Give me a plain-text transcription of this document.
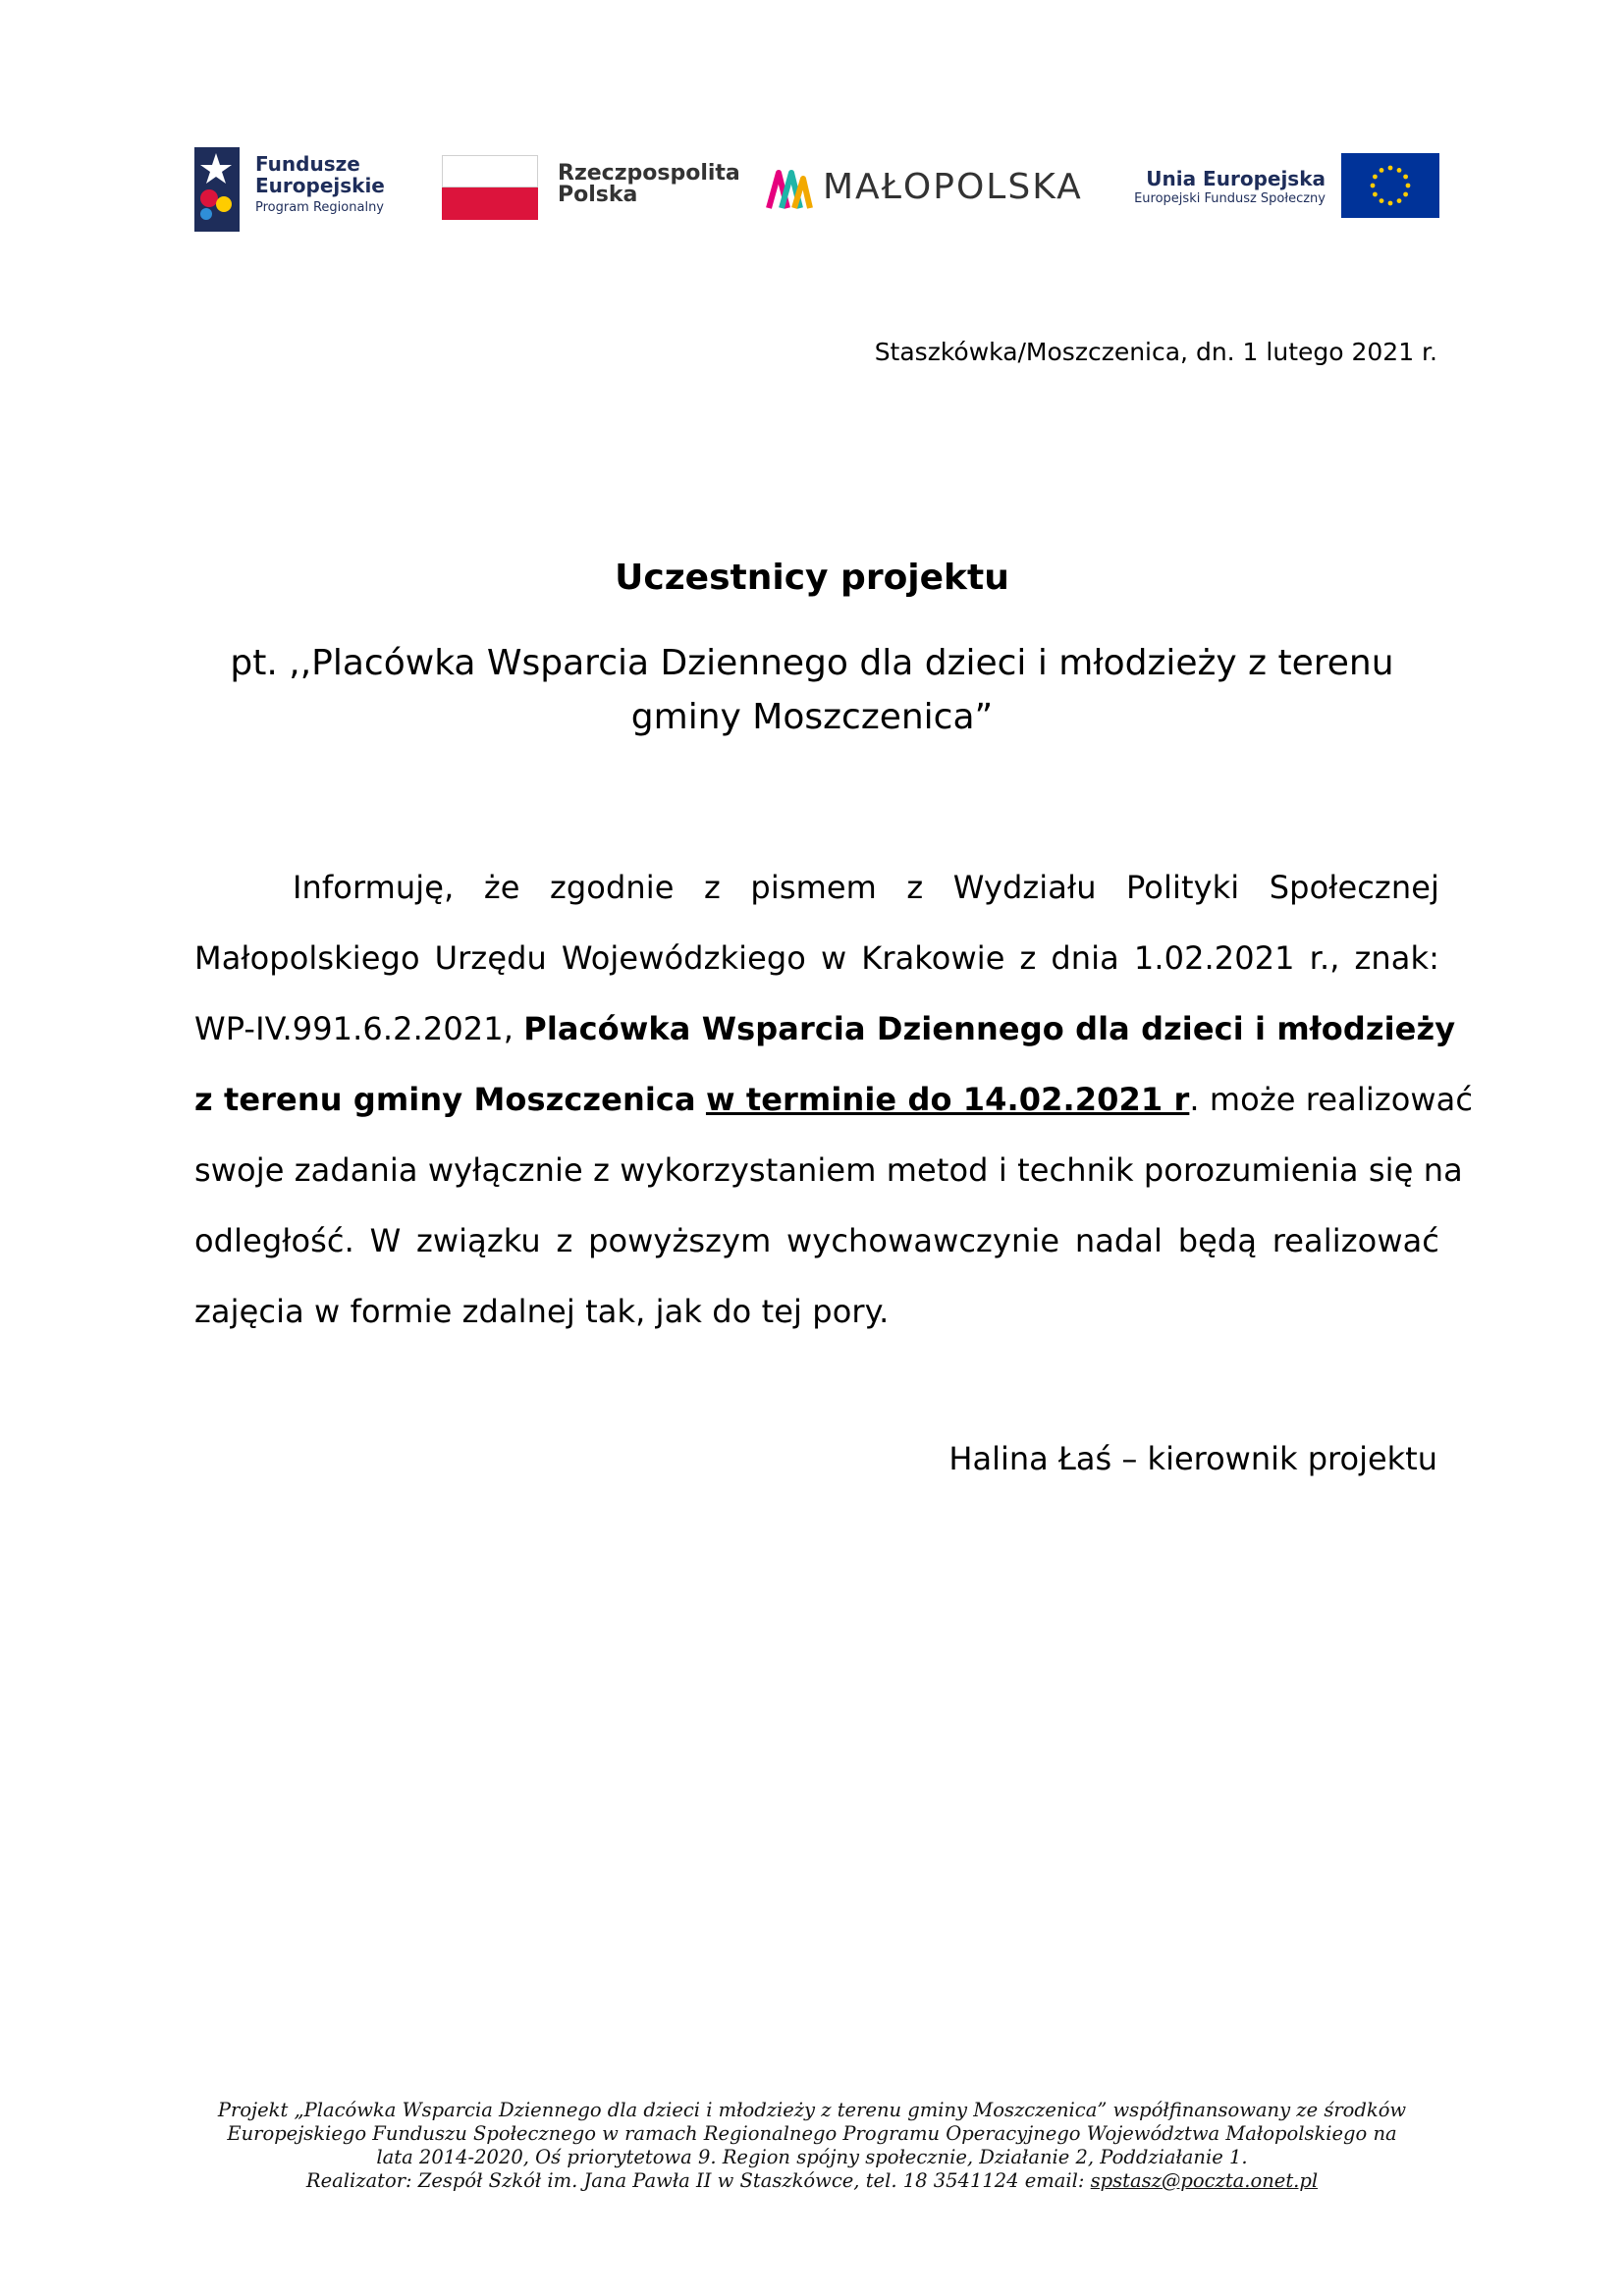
Fundusze
Europejskie
Program Regionalny
Rzeczpospolita
Polska	MAŁOPOLSKA	Unia Europejska
Europejski Fundusz Społeczny
Staszkówka/Moszczenica, dn. 1 lutego 2021 r.
Uczestnicy projektu
pt. ,,Placówka Wsparcia Dziennego dla dzieci i młodzieży z terenu
gminy Moszczenica”
Informuję, że zgodnie z pismem z Wydziału Polityki Społecznej
Małopolskiego Urzędu Wojewódzkiego w Krakowie z dnia 1.02.2021 r., znak:
WP-IV.991.6.2.2021, Placówka Wsparcia Dziennego dla dzieci i młodzieży
z terenu gminy Moszczenica w terminie do 14.02.2021 r. może realizować
swoje zadania wyłącznie z wykorzystaniem metod i technik porozumienia się na
odległość. W związku z powyższym wychowawczynie nadal będą realizować
zajęcia w formie zdalnej tak, jak do tej pory.
Halina Łaś – kierownik projektu
Projekt „Placówka Wsparcia Dziennego dla dzieci i młodzieży z terenu gminy Moszczenica” współfinansowany ze środków
Europejskiego Funduszu Społecznego w ramach Regionalnego Programu Operacyjnego Województwa Małopolskiego na
lata 2014-2020, Oś priorytetowa 9. Region spójny społecznie, Działanie 2, Poddziałanie 1.
Realizator: Zespół Szkół im. Jana Pawła II w Staszkówce, tel. 18 3541124 email: spstasz@poczta.onet.pl
